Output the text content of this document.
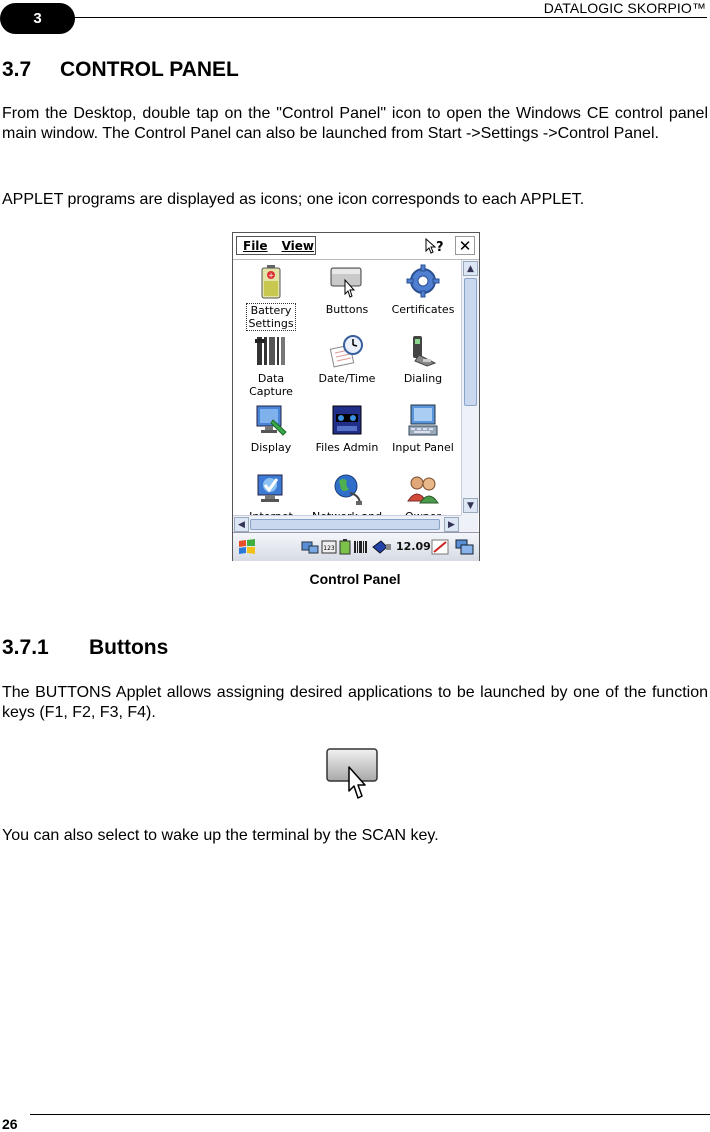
3
DATALOGIC SKORPIO™
3.7 CONTROL PANEL
From the Desktop, double tap on the "Control Panel" icon to open the Windows CE control panel main window. The Control Panel can also be launched from Start ->Settings ->Control Panel.
APPLET programs are displayed as icons; one icon corresponds to each APPLET.
File View	? ✕
+
Battery
Settings
Buttons	Certificates
Data
Capture
Date/Time	Dialing
Display	Files Admin	Input Panel
▲
▼
◀	▶
123	12.09
Control Panel
3.7.1 Buttons
The BUTTONS Applet allows assigning desired applications to be launched by one of the function keys (F1, F2, F3, F4).
You can also select to wake up the terminal by the SCAN key.
26
